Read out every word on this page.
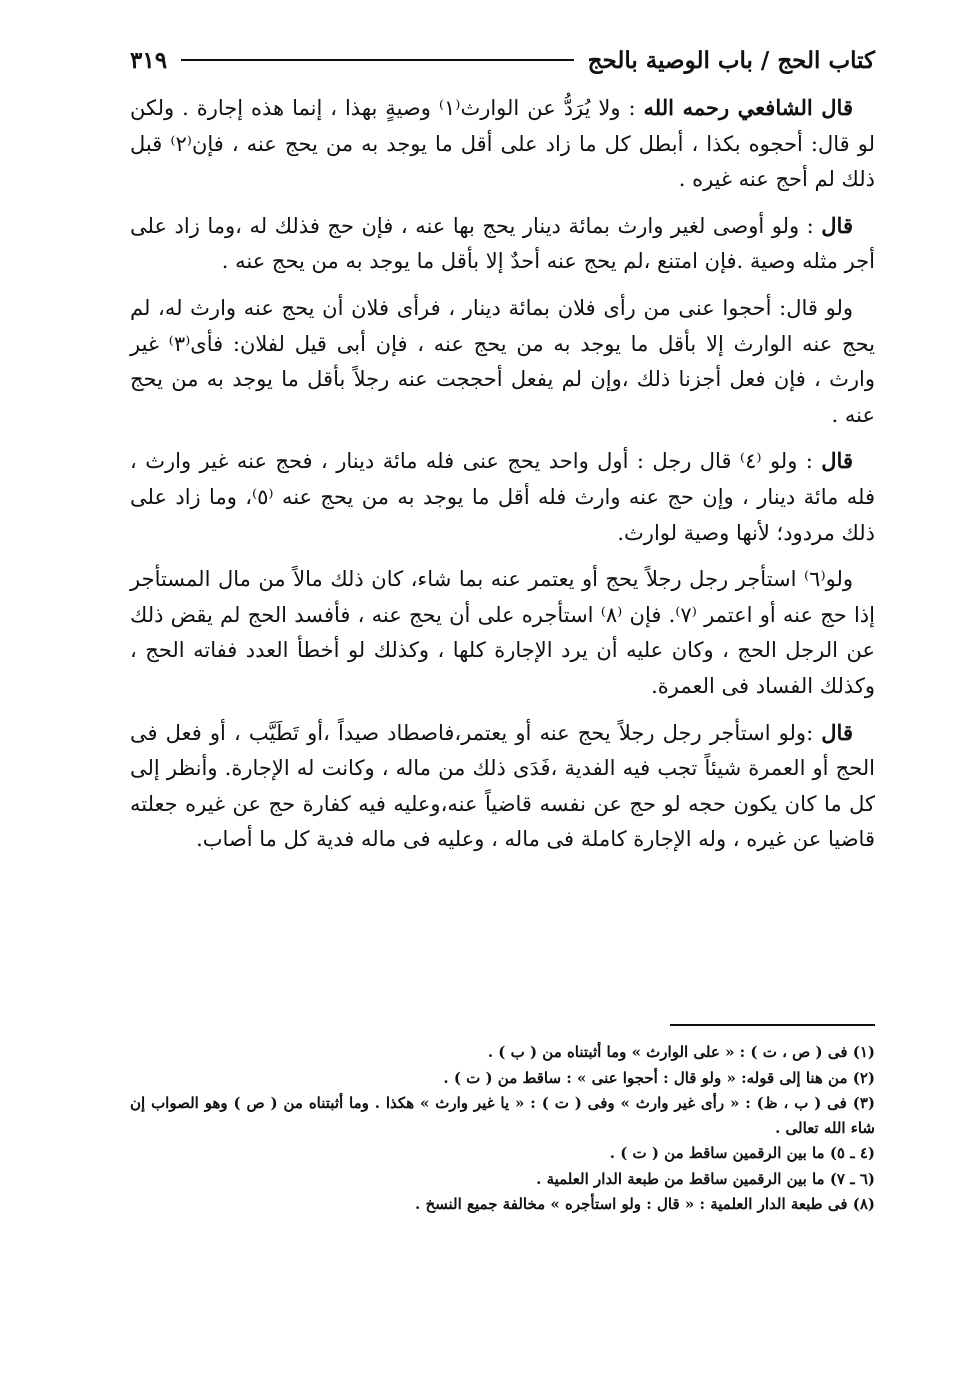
كتاب الحج / باب الوصية بالحج
٣١٩

قال الشافعي رحمه الله : ولا يُرَدُّ عن الوارث⁽١⁾ وصيةٍ بهذا ، إنما هذه إجارة . ولكن لو قال: أحجوه بكذا ، أبطل كل ما زاد على أقل ما يوجد به من يحج عنه ، فإن⁽٢⁾ قبل ذلك لم أحج عنه غيره .

قال : ولو أوصى لغير وارث بمائة دينار يحج بها عنه ، فإن حج فذلك له ،وما زاد على أجر مثله وصية .فإن امتنع ،لم يحج عنه أحدٌ إلا بأقل ما يوجد به من يحج عنه .

ولو قال: أحجوا عنى من رأى فلان بمائة دينار ، فرأى فلان أن يحج عنه وارث له، لم يحج عنه الوارث إلا بأقل ما يوجد به من يحج عنه ، فإن أبى قيل لفلان: فأى⁽٣⁾ غير وارث ، فإن فعل أجزنا ذلك ،وإن لم يفعل أحججت عنه رجلاً بأقل ما يوجد به من يحج عنه .

قال : ولو ⁽٤⁾ قال رجل : أول واحد يحج عنى فله مائة دينار ، فحج عنه غير وارث ، فله مائة دينار ، وإن حج عنه وارث فله أقل ما يوجد به من يحج عنه ⁽٥⁾، وما زاد على ذلك مردود؛ لأنها وصية لوارث.

ولو⁽٦⁾ استأجر رجل رجلاً يحج أو يعتمر عنه بما شاء، كان ذلك مالاً من مال المستأجر إذا حج عنه أو اعتمر ⁽٧⁾. فإن ⁽٨⁾ استأجره على أن يحج عنه ، فأفسد الحج لم يقض ذلك عن الرجل الحج ، وكان عليه أن يرد الإجارة كلها ، وكذلك لو أخطأ العدد ففاته الحج ، وكذلك الفساد فى العمرة.

قال :ولو استأجر رجل رجلاً يحج عنه أو يعتمر،فاصطاد صيداً ،أو تَطَيَّب ، أو فعل فى الحج أو العمرة شيئاً تجب فيه الفدية ،فَدَى ذلك من ماله ، وكانت له الإجارة. وأنظر إلى كل ما كان يكون حجه لو حج عن نفسه قاضياً عنه،وعليه فيه كفارة حج عن غيره جعلته قاضيا عن غيره ، وله الإجارة كاملة فى ماله ، وعليه فى ماله فدية كل ما أصاب.

(١) فى ( ص ، ت ) : « على الوارث » وما أثبتناه من ( ب ) .

(٢) من هنا إلى قوله: « ولو قال : أحجوا عنى » : ساقط من ( ت ) .

(٣) فى ( ب ، ظ) : « رأى غير وارث » وفى ( ت ) : « يا غير وارث » هكذا . وما أثبتناه من ( ص ) وهو الصواب إن شاء الله تعالى .

(٤ ـ ٥) ما بين الرقمين ساقط من ( ت ) .

(٦ ـ ٧) ما بين الرقمين ساقط من طبعة الدار العلمية .

(٨) فى طبعة الدار العلمية : « قال : ولو استأجره » مخالفة جميع النسخ .
